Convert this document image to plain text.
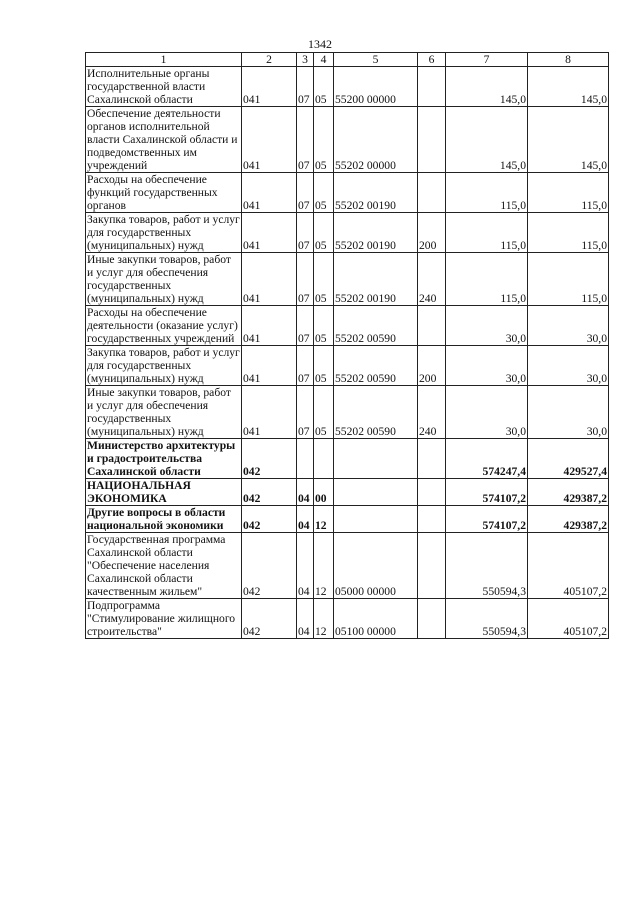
1342
1	2	3	4	5	6	7	8
Исполнительные органы государственной власти Сахалинской области	041	07	05	55200 00000		145,0	145,0
Обеспечение деятельности органов исполнительной власти Сахалинской области и подведомственных им учреждений	041	07	05	55202 00000		145,0	145,0
Расходы на обеспечение функций государственных органов	041	07	05	55202 00190		115,0	115,0
Закупка товаров, работ и услуг для государственных (муниципальных) нужд	041	07	05	55202 00190	200	115,0	115,0
Иные закупки товаров, работ и услуг для обеспечения государственных (муниципальных) нужд	041	07	05	55202 00190	240	115,0	115,0
Расходы на обеспечение деятельности (оказание услуг) государственных учреждений	041	07	05	55202 00590		30,0	30,0
Закупка товаров, работ и услуг для государственных (муниципальных) нужд	041	07	05	55202 00590	200	30,0	30,0
Иные закупки товаров, работ и услуг для обеспечения государственных (муниципальных) нужд	041	07	05	55202 00590	240	30,0	30,0
Министерство архитектуры и градостроительства Сахалинской области	042					574247,4	429527,4
НАЦИОНАЛЬНАЯ ЭКОНОМИКА	042	04	00			574107,2	429387,2
Другие вопросы в области национальной экономики	042	04	12			574107,2	429387,2
Государственная программа Сахалинской области "Обеспечение населения Сахалинской области качественным жильем"	042	04	12	05000 00000		550594,3	405107,2
Подпрограмма "Стимулирование жилищного строительства"	042	04	12	05100 00000		550594,3	405107,2
